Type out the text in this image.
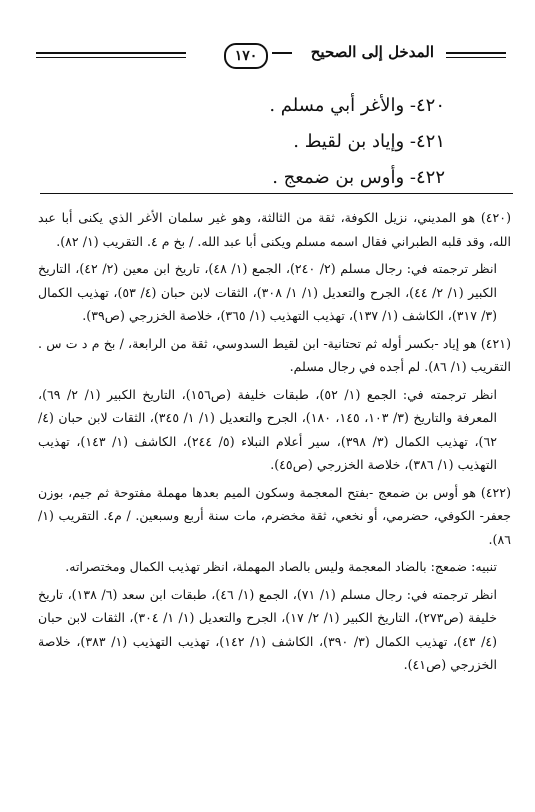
١٧٠	المدخل إلى الصحيح
٤٢٠- والأغر أبي مسلم .
٤٢١- وإياد بن لقيط .
٤٢٢- وأوس بن ضمعج .

(٤٢٠) هو المديني، نزيل الكوفة، ثقة من الثالثة، وهو غير سلمان الأغر الذي يكنى أبا عبد الله، وقد قلبه الطبراني فقال اسمه مسلم ويكنى أبا عبد الله. / بخ م ٤. التقريب (١/ ٨٢).

انظر ترجمته في: رجال مسلم (٢/ ٢٤٠)، الجمع (١/ ٤٨)، تاريخ ابن معين (٢/ ٤٢)، التاريخ الكبير (١/ ٢/ ٤٤)، الجرح والتعديل (١/ ١/ ٣٠٨)، الثقات لابن حبان (٤/ ٥٣)، تهذيب الكمال (٣/ ٣١٧)، الكاشف (١/ ١٣٧)، تهذيب التهذيب (١/ ٣٦٥)، خلاصة الخزرجي (ص٣٩).

(٤٢١) هو إياد -بكسر أوله ثم تحتانية- ابن لقيط السدوسي، ثقة من الرابعة، / بخ م د ت س . التقريب (١/ ٨٦). لم أجده في رجال مسلم.

انظر ترجمته في: الجمع (١/ ٥٢)، طبقات خليفة (ص١٥٦)، التاريخ الكبير (١/ ٢/ ٦٩)، المعرفة والتاريخ (٣/ ١٠٣، ١٤٥، ١٨٠)، الجرح والتعديل (١/ ١/ ٣٤٥)، الثقات لابن حبان (٤/ ٦٢)، تهذيب الكمال (٣/ ٣٩٨)، سير أعلام النبلاء (٥/ ٢٤٤)، الكاشف (١/ ١٤٣)، تهذيب التهذيب (١/ ٣٨٦)، خلاصة الخزرجي (ص٤٥).

(٤٢٢) هو أوس بن ضمعج -بفتح المعجمة وسكون الميم بعدها مهملة مفتوحة ثم جيم، بوزن جعفر- الكوفي، حضرمي، أو نخعي، ثقة مخضرم، مات سنة أربع وسبعين. / م٤. التقريب (١/ ٨٦).

تنبيه: ضمعج: بالضاد المعجمة وليس بالصاد المهملة، انظر تهذيب الكمال ومختصراته.

انظر ترجمته في: رجال مسلم (١/ ٧١)، الجمع (١/ ٤٦)، طبقات ابن سعد (٦/ ١٣٨)، تاريخ خليفة (ص٢٧٣)، التاريخ الكبير (١/ ٢/ ١٧)، الجرح والتعديل (١/ ١/ ٣٠٤)، الثقات لابن حبان (٤/ ٤٣)، تهذيب الكمال (٣/ ٣٩٠)، الكاشف (١/ ١٤٢)، تهذيب التهذيب (١/ ٣٨٣)، خلاصة الخزرجي (ص٤١).
